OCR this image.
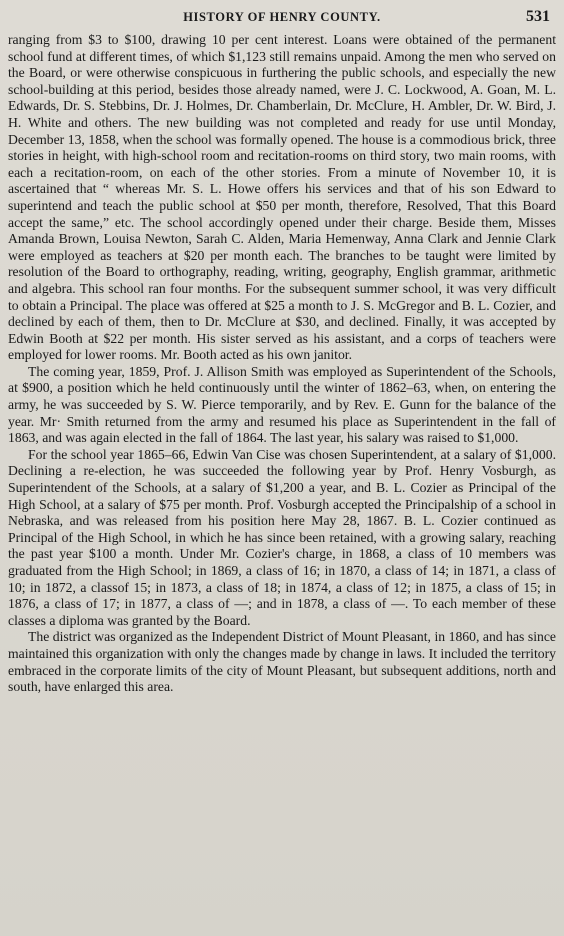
HISTORY OF HENRY COUNTY.	531

ranging from $3 to $100, drawing 10 per cent interest. Loans were obtained of the permanent school fund at different times, of which $1,123 still remains unpaid. Among the men who served on the Board, or were otherwise conspicuous in furthering the public schools, and especially the new school-building at this period, besides those already named, were J. C. Lockwood, A. Goan, M. L. Edwards, Dr. S. Stebbins, Dr. J. Holmes, Dr. Chamberlain, Dr. McClure, H. Ambler, Dr. W. Bird, J. H. White and others. The new building was not completed and ready for use until Monday, December 13, 1858, when the school was formally opened. The house is a commodious brick, three stories in height, with high-school room and recitation-rooms on third story, two main rooms, with each a recitation-room, on each of the other stories. From a minute of November 10, it is ascertained that “ whereas Mr. S. L. Howe offers his services and that of his son Edward to superintend and teach the public school at $50 per month, therefore, Resolved, That this Board accept the same,” etc. The school accordingly opened under their charge. Beside them, Misses Amanda Brown, Louisa Newton, Sarah C. Alden, Maria Hemenway, Anna Clark and Jennie Clark were employed as teachers at $20 per month each. The branches to be taught were limited by resolution of the Board to orthography, reading, writing, geography, English grammar, arithmetic and algebra. This school ran four months. For the subsequent summer school, it was very difficult to obtain a Principal. The place was offered at $25 a month to J. S. McGregor and B. L. Cozier, and declined by each of them, then to Dr. McClure at $30, and declined. Finally, it was accepted by Edwin Booth at $22 per month. His sister served as his assistant, and a corps of teachers were employed for lower rooms. Mr. Booth acted as his own janitor.

The coming year, 1859, Prof. J. Allison Smith was employed as Superintendent of the Schools, at $900, a position which he held continuously until the winter of 1862–63, when, on entering the army, he was succeeded by S. W. Pierce temporarily, and by Rev. E. Gunn for the balance of the year. Mr· Smith returned from the army and resumed his place as Superintendent in the fall of 1863, and was again elected in the fall of 1864. The last year, his salary was raised to $1,000.

For the school year 1865–66, Edwin Van Cise was chosen Superintendent, at a salary of $1,000. Declining a re-election, he was succeeded the following year by Prof. Henry Vosburgh, as Superintendent of the Schools, at a salary of $1,200 a year, and B. L. Cozier as Principal of the High School, at a salary of $75 per month. Prof. Vosburgh accepted the Principalship of a school in Nebraska, and was released from his position here May 28, 1867. B. L. Cozier continued as Principal of the High School, in which he has since been retained, with a growing salary, reaching the past year $100 a month. Under Mr. Cozier's charge, in 1868, a class of 10 members was graduated from the High School; in 1869, a class of 16; in 1870, a class of 14; in 1871, a class of 10; in 1872, a classof 15; in 1873, a class of 18; in 1874, a class of 12; in 1875, a class of 15; in 1876, a class of 17; in 1877, a class of —; and in 1878, a class of —. To each member of these classes a diploma was granted by the Board.

The district was organized as the Independent District of Mount Pleasant, in 1860, and has since maintained this organization with only the changes made by change in laws. It included the territory embraced in the corporate limits of the city of Mount Pleasant, but subsequent additions, north and south, have enlarged this area.
